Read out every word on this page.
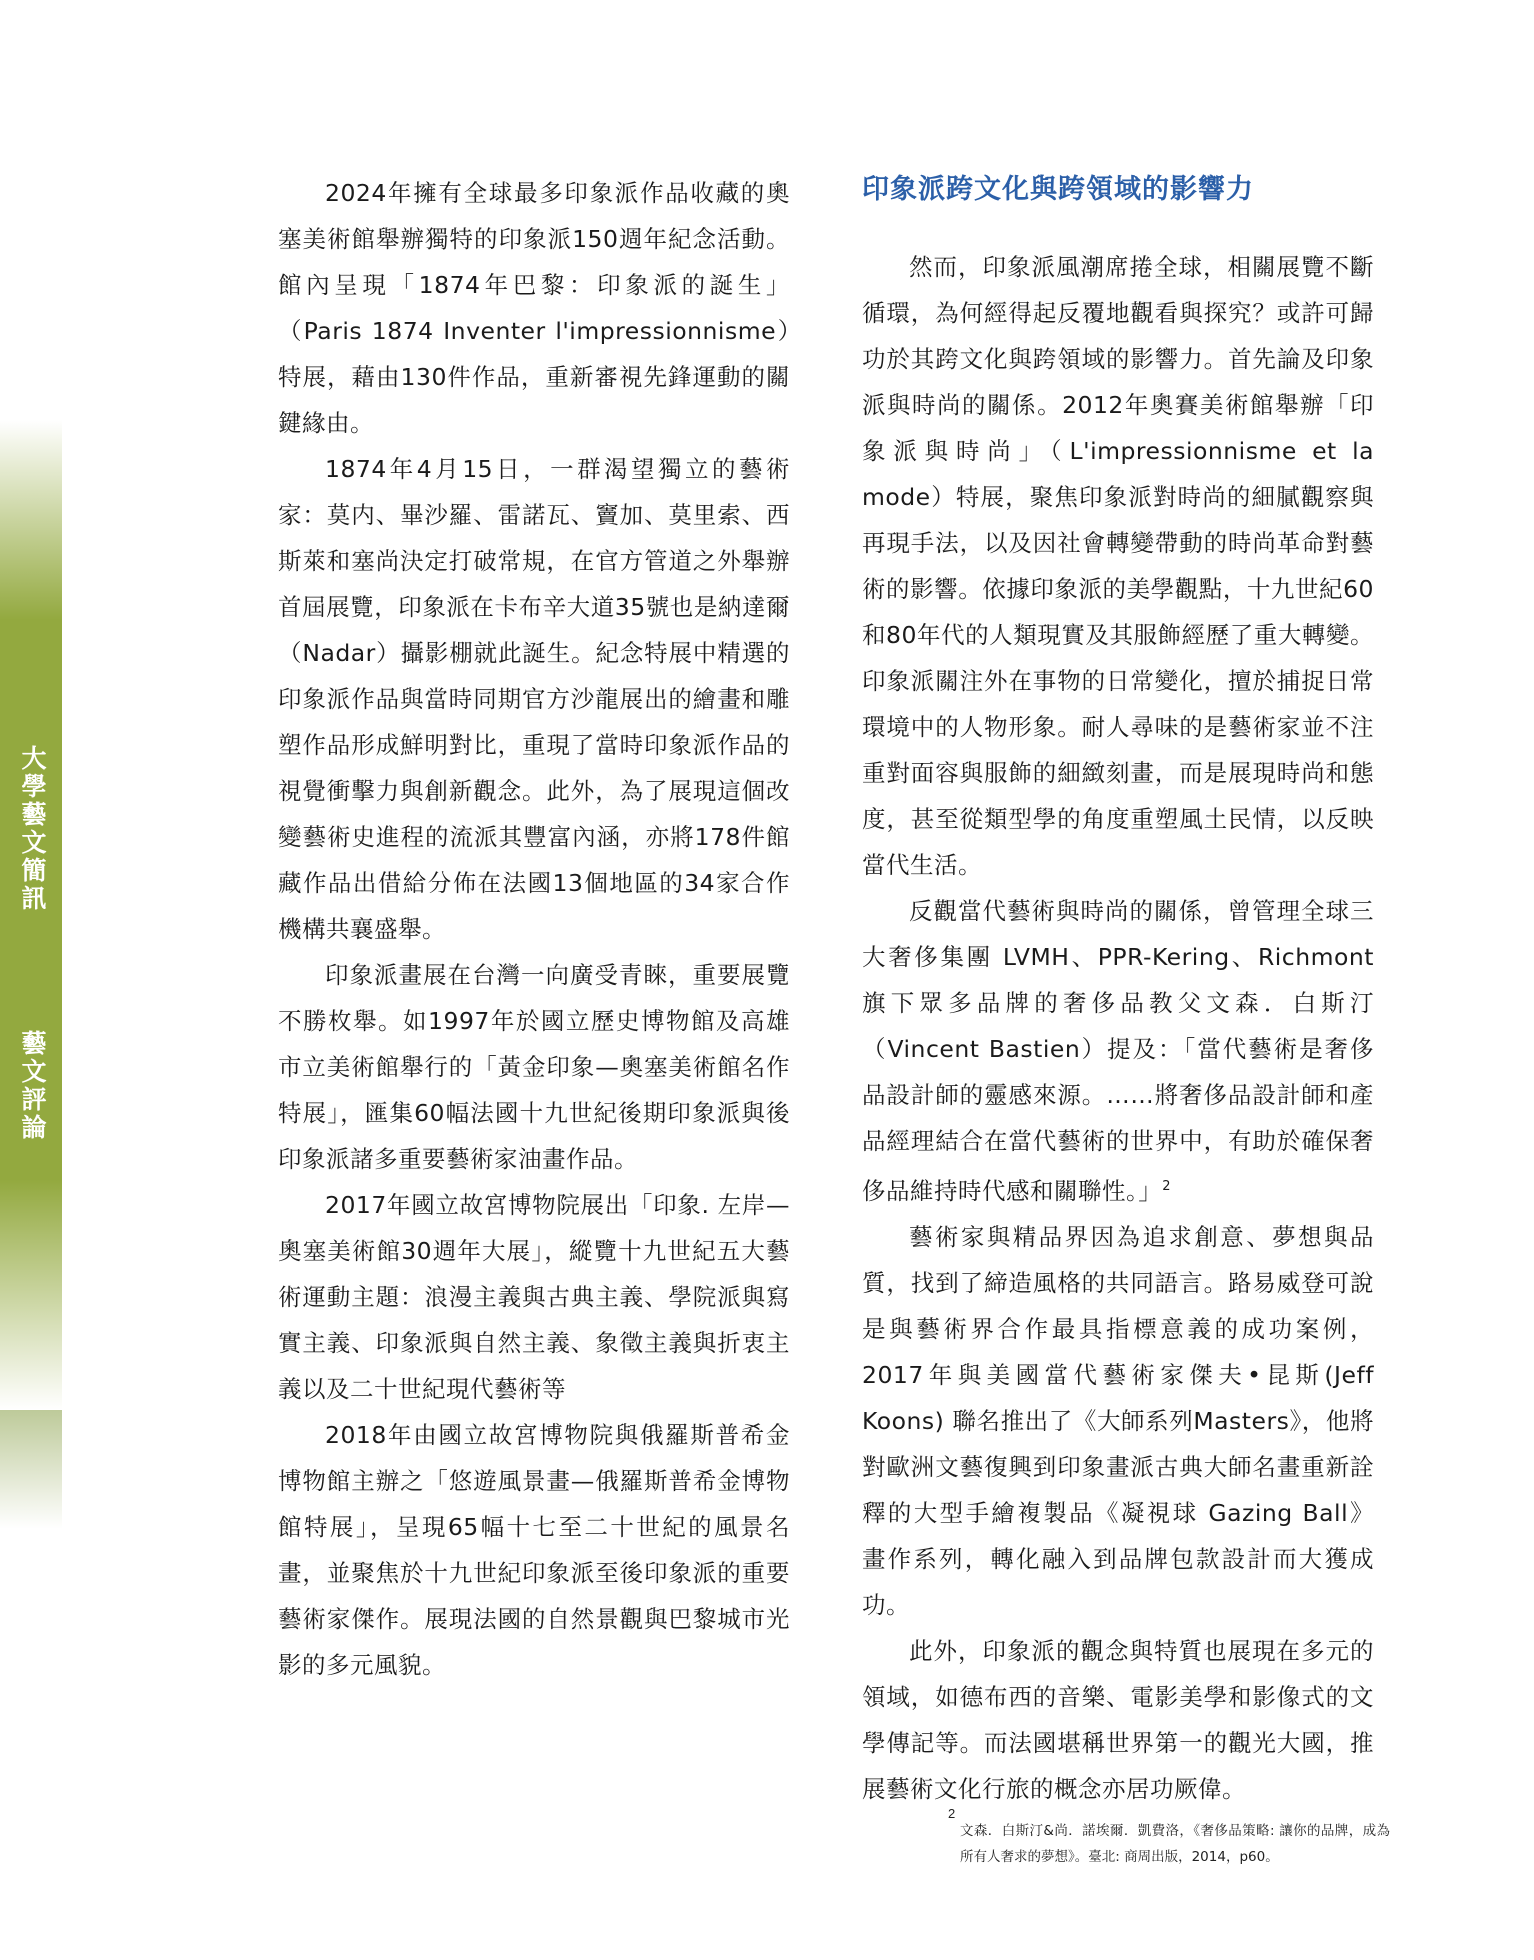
大學藝文簡訊
藝文評論

2024年擁有全球最多印象派作品收藏的奧塞美術館舉辦獨特的印象派150週年紀念活動。館內呈現「1874年巴黎：印象派的誕生」（Paris 1874 Inventer l'impressionnisme）特展，藉由130件作品，重新審視先鋒運動的關鍵緣由。

1874年4月15日，一群渴望獨立的藝術家：莫内、畢沙羅、雷諾瓦、竇加、莫里索、西斯萊和塞尚決定打破常規，在官方管道之外舉辦首屆展覽，印象派在卡布辛大道35號也是納達爾（Nadar）攝影棚就此誕生。紀念特展中精選的印象派作品與當時同期官方沙龍展出的繪畫和雕塑作品形成鮮明對比，重現了當時印象派作品的視覺衝擊力與創新觀念。此外，為了展現這個改變藝術史進程的流派其豐富內涵，亦將178件館藏作品出借給分佈在法國13個地區的34家合作機構共襄盛舉。

印象派畫展在台灣一向廣受青睞，重要展覽不勝枚舉。如1997年於國立歷史博物館及高雄市立美術館舉行的「黃金印象—奧塞美術館名作特展」，匯集60幅法國十九世紀後期印象派與後印象派諸多重要藝術家油畫作品。

2017年國立故宮博物院展出「印象. 左岸—奧塞美術館30週年大展」，縱覽十九世紀五大藝術運動主題：浪漫主義與古典主義、學院派與寫實主義、印象派與自然主義、象徵主義與折衷主義以及二十世紀現代藝術等

2018年由國立故宮博物院與俄羅斯普希金博物館主辦之「悠遊風景畫—俄羅斯普希金博物館特展」，呈現65幅十七至二十世紀的風景名畫，並聚焦於十九世紀印象派至後印象派的重要藝術家傑作。展現法國的自然景觀與巴黎城市光影的多元風貌。

印象派跨文化與跨領域的影響力

然而，印象派風潮席捲全球，相關展覽不斷循環，為何經得起反覆地觀看與探究？或許可歸功於其跨文化與跨領域的影響力。首先論及印象派與時尚的關係。2012年奧賽美術館舉辦「印象派與時尚」（L'impressionnisme et la mode）特展，聚焦印象派對時尚的細膩觀察與再現手法，以及因社會轉變帶動的時尚革命對藝術的影響。依據印象派的美學觀點，十九世紀60和80年代的人類現實及其服飾經歷了重大轉變。印象派關注外在事物的日常變化，擅於捕捉日常環境中的人物形象。耐人尋味的是藝術家並不注重對面容與服飾的細緻刻畫，而是展現時尚和態度，甚至從類型學的角度重塑風土民情，以反映當代生活。

反觀當代藝術與時尚的關係，曾管理全球三大奢侈集團 LVMH、PPR-Kering、Richmont旗下眾多品牌的奢侈品教父文森．白斯汀（Vincent Bastien）提及：「當代藝術是奢侈品設計師的靈感來源。……將奢侈品設計師和產品經理結合在當代藝術的世界中，有助於確保奢侈品維持時代感和關聯性。」$^2$

藝術家與精品界因為追求創意、夢想與品質，找到了締造風格的共同語言。路易威登可說是與藝術界合作最具指標意義的成功案例，2017年與美國當代藝術家傑夫•昆斯(Jeff Koons) 聯名推出了《大師系列Masters》，他將對歐洲文藝復興到印象畫派古典大師名畫重新詮釋的大型手繪複製品《凝視球 Gazing Ball》 畫作系列，轉化融入到品牌包款設計而大獲成功。

此外，印象派的觀念與特質也展現在多元的領域，如德布西的音樂、電影美學和影像式的文學傳記等。而法國堪稱世界第一的觀光大國，推展藝術文化行旅的概念亦居功厥偉。

2
文森．白斯汀&尚．諾埃爾．凱費洛，《奢侈品策略: 讓你的品牌，成為所有人奢求的夢想》。臺北: 商周出版，2014，p60。
